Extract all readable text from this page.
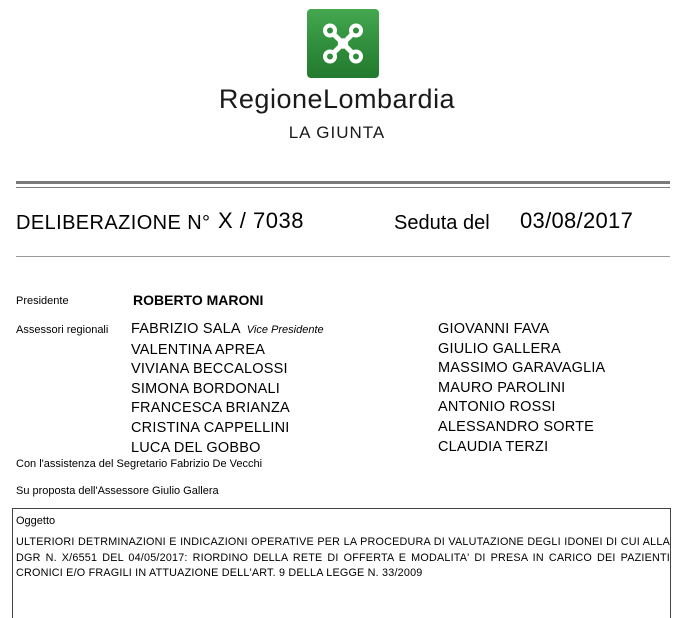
RegioneLombardia
LA GIUNTA
DELIBERAZIONE N° X / 7038	Seduta del 03/08/2017
Presidente	ROBERTO MARONI
Assessori regionali FABRIZIO SALA Vice Presidente
VALENTINA APREA
VIVIANA BECCALOSSI
SIMONA BORDONALI
FRANCESCA BRIANZA
CRISTINA CAPPELLINI
LUCA DEL GOBBO
GIOVANNI FAVA
GIULIO GALLERA
MASSIMO GARAVAGLIA
MAURO PAROLINI
ANTONIO ROSSI
ALESSANDRO SORTE
CLAUDIA TERZI
Con l'assistenza del Segretario Fabrizio De Vecchi
Su proposta dell'Assessore Giulio Gallera
Oggetto
ULTERIORI DETRMINAZIONI E INDICAZIONI OPERATIVE PER LA PROCEDURA DI VALUTAZIONE DEGLI IDONEI DI CUI ALLA DGR N. X/6551 DEL 04/05/2017: RIORDINO DELLA RETE DI OFFERTA E MODALITA' DI PRESA IN CARICO DEI PAZIENTI CRONICI E/O FRAGILI IN ATTUAZIONE DELL'ART. 9 DELLA LEGGE N. 33/2009
